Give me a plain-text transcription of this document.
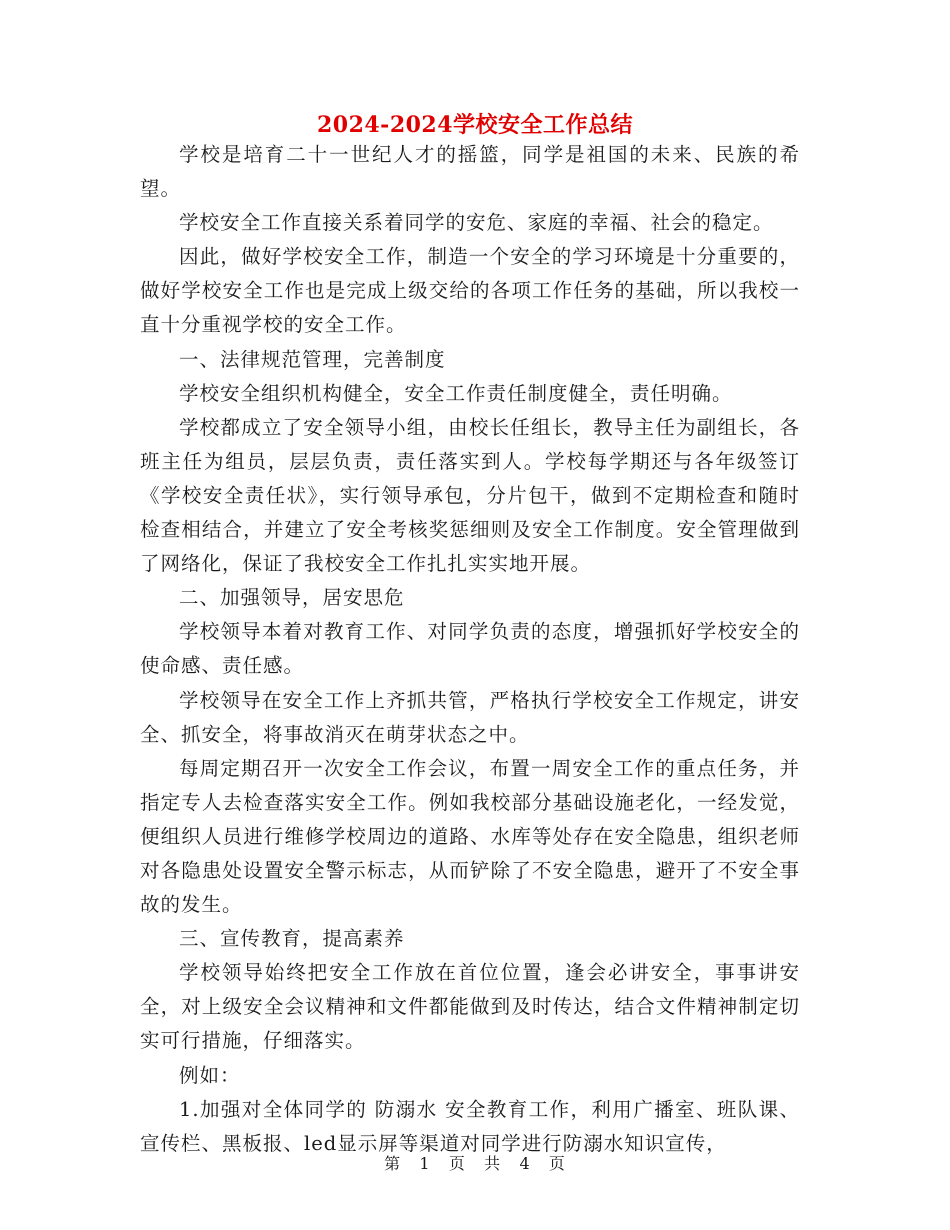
2024-2024学校安全工作总结

学校是培育二十一世纪人才的摇篮，同学是祖国的未来、民族的希望。

学校安全工作直接关系着同学的安危、家庭的幸福、社会的稳定。

因此，做好学校安全工作，制造一个安全的学习环境是十分重要的，做好学校安全工作也是完成上级交给的各项工作任务的基础，所以我校一直十分重视学校的安全工作。

一、法律规范管理，完善制度

学校安全组织机构健全，安全工作责任制度健全，责任明确。

学校都成立了安全领导小组，由校长任组长，教导主任为副组长，各班主任为组员，层层负责，责任落实到人。学校每学期还与各年级签订《学校安全责任状》，实行领导承包，分片包干，做到不定期检查和随时检查相结合，并建立了安全考核奖惩细则及安全工作制度。安全管理做到了网络化，保证了我校安全工作扎扎实实地开展。

二、加强领导，居安思危

学校领导本着对教育工作、对同学负责的态度，增强抓好学校安全的使命感、责任感。

学校领导在安全工作上齐抓共管，严格执行学校安全工作规定，讲安全、抓安全，将事故消灭在萌芽状态之中。

每周定期召开一次安全工作会议，布置一周安全工作的重点任务，并指定专人去检查落实安全工作。例如我校部分基础设施老化，一经发觉，便组织人员进行维修学校周边的道路、水库等处存在安全隐患，组织老师对各隐患处设置安全警示标志，从而铲除了不安全隐患，避开了不安全事故的发生。

三、宣传教育，提高素养

学校领导始终把安全工作放在首位位置，逢会必讲安全，事事讲安全，对上级安全会议精神和文件都能做到及时传达，结合文件精神制定切实可行措施，仔细落实。

例如：

1.加强对全体同学的 防溺水 安全教育工作，利用广播室、班队课、宣传栏、黑板报、led显示屏等渠道对同学进行防溺水知识宣传，

第 1 页 共 4 页
